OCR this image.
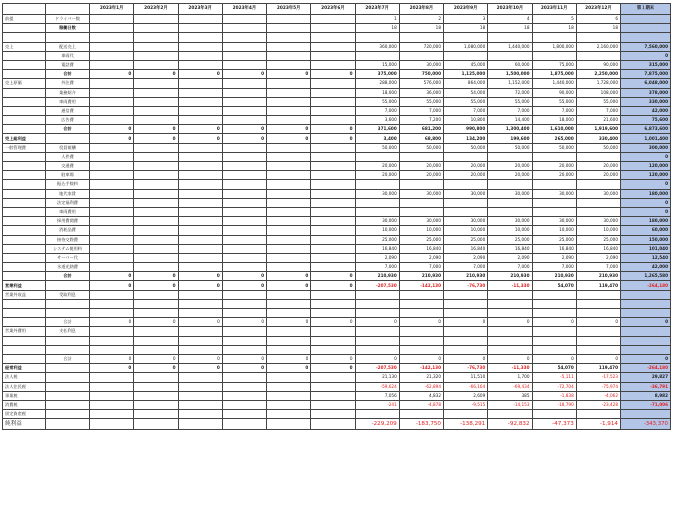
		2023年1月	2023年2月	2023年3月	2023年4月	2023年5月	2023年6月	2023年7月	2023年8月	2023年9月	2023年10月	2023年11月	2023年12月	第１期末
前提	ドライバー数							1	2	3	4	5	6	
	稼働日数							18	18	18	18	18	18	

売上	配送売上							360,000	720,000	1,080,000	1,440,000	1,800,000	2,160,000	7,560,000
	車両代													0
	電話費							15,000	30,000	45,000	60,000	75,000	90,000	315,000
	合計	0	0	0	0	0	0	375,000	750,000	1,125,000	1,500,000	1,875,000	2,250,000	7,875,000
売上原価	外注費							288,000	576,000	864,000	1,152,000	1,440,000	1,728,000	6,048,000
	業務紹介							18,000	36,000	54,000	72,000	90,000	108,000	378,000
	車両費用							55,000	55,000	55,000	55,000	55,000	55,000	330,000
	通信費							7,000	7,000	7,000	7,000	7,000	7,000	42,000
	広告費							3,600	7,200	10,800	14,400	18,000	21,600	75,600
	合計	0	0	0	0	0	0	371,600	681,200	990,800	1,300,400	1,610,000	1,919,600	6,873,600
売上総利益		0	0	0	0	0	0	3,400	68,800	134,200	199,600	265,000	330,400	1,001,400
一般管理費	役員報酬							50,000	50,000	50,000	50,000	50,000	50,000	300,000
	人件費													0
	交通費							20,000	20,000	20,000	20,000	20,000	20,000	120,000
	駐車場							20,000	20,000	20,000	20,000	20,000	20,000	120,000
	振込手数料													0
	地代家賃							30,000	30,000	30,000	30,000	30,000	30,000	180,000
	法定福利費													0
	車両費用													0
	採用費関費							30,000	30,000	30,000	30,000	30,000	30,000	180,000
	消耗品費							10,000	10,000	10,000	10,000	10,000	10,000	60,000
	接待交際費							25,000	25,000	25,000	25,000	25,000	25,000	150,000
	システム使用料							16,840	16,840	16,840	16,840	16,840	16,840	101,040
	サーバー代							2,090	2,090	2,090	2,090	2,090	2,090	12,540
	水道光熱費							7,000	7,000	7,000	7,000	7,000	7,000	42,000
	合計	0	0	0	0	0	0	210,930	210,930	210,930	210,930	210,930	210,930	1,265,580
営業利益		0	0	0	0	0	0	-207,530	-142,130	-76,730	-11,330	54,070	119,470	-264,180
営業外収益	受取利息													

	合計	0	0	0	0	0	0	0	0	0	0	0	0	0
営業外費用	支払利息													

	合計	0	0	0	0	0	0	0	0	0	0	0	0	0
経常利益		0	0	0	0	0	0	-207,530	-142,130	-76,730	-11,330	54,070	119,470	-264,180
法人税								21,130	21,320	11,510	1,700	-5,111	-17,523	29,827
法人住民税								-59,624	-62,894	-66,164	-69,434	-72,704	-75,974	-36,791
事業税								7,056	4,832	2,609	385	-1,838	-4,062	8,982
消費税								-241	-4,878	-9,515	-14,153	-18,790	-23,428	-71,006
固定資産税														
純利益								-229,209	-183,750	-138,291	-92,832	-47,373	-1,914	-343,370
